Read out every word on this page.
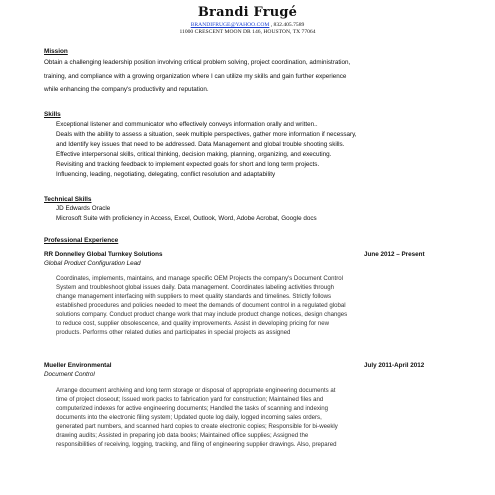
Brandi Frugé
BRANDIFRUGE@YAHOO.COM , 832.405.7589
11000 CRESCENT MOON DR 146, HOUSTON, TX 77064
Mission
Obtain a challenging leadership position involving critical problem solving, project coordination, administration,
training, and compliance with a growing organization where I can utilize my skills and gain further experience
while enhancing the company's productivity and reputation.
Skills
Exceptional listener and communicator who effectively conveys information orally and written..
Deals with the ability to assess a situation, seek multiple perspectives, gather more information if necessary,
and Identify key issues that need to be addressed. Data Management and global trouble shooting skills.
Effective interpersonal skills, critical thinking, decision making, planning, organizing, and executing.
Revisiting and tracking feedback to implement expected goals for short and long term projects.
Influencing, leading, negotiating, delegating, conflict resolution and adaptability
Technical Skills
JD Edwards Oracle
Microsoft Suite with proficiency in Access, Excel, Outlook, Word, Adobe Acrobat, Google docs
Professional Experience
RR Donnelley Global Turnkey Solutions	June 2012 – Present
Global Product Configuration Lead
Coordinates, implements, maintains, and manage specific OEM Projects the company's Document Control
System and troubleshoot global issues daily. Data management. Coordinates labeling activities through
change management interfacing with suppliers to meet quality standards and timelines. Strictly follows
established procedures and policies needed to meet the demands of document control in a regulated global
solutions company. Conduct product change work that may include product change notices, design changes
to reduce cost, supplier obsolescence, and quality improvements. Assist in developing pricing for new
products. Performs other related duties and participates in special projects as assigned
Mueller Environmental	July 2011-April 2012
Document Control
Arrange document archiving and long term storage or disposal of appropriate engineering documents at
time of project closeout; Issued work packs to fabrication yard for construction; Maintained files and
computerized indexes for active engineering documents; Handled the tasks of scanning and indexing
documents into the electronic filing system; Updated quote log daily, logged incoming sales orders,
generated part numbers, and scanned hard copies to create electronic copies; Responsible for bi-weekly
drawing audits; Assisted in preparing job data books; Maintained office supplies; Assigned the
responsibilities of receiving, logging, tracking, and filing of engineering supplier drawings. Also, prepared
